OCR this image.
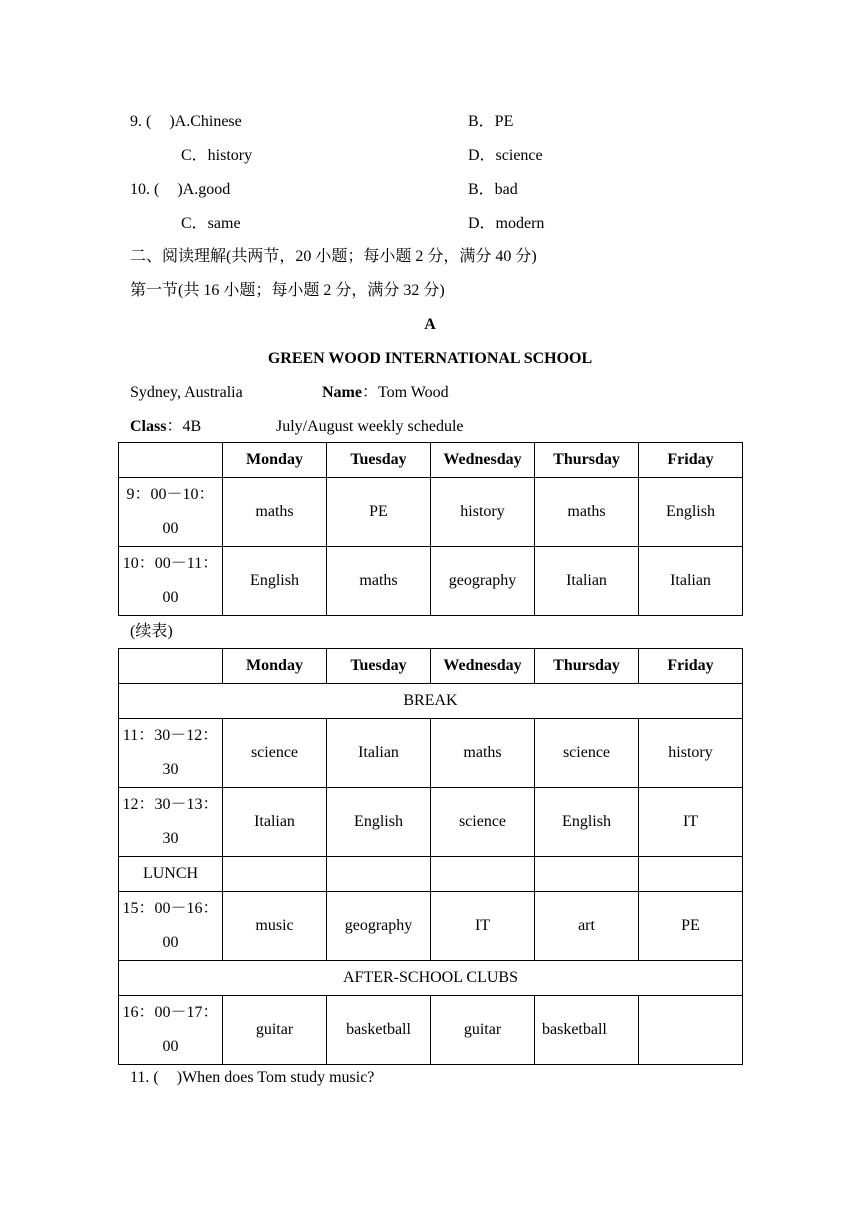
9. ( )A.Chinese	B．PE
C．history	D．science
10. ( )A.good	B．bad
C．same	D．modern
二、阅读理解(共两节，20 小题；每小题 2 分，满分 40 分)
第一节(共 16 小题；每小题 2 分，满分 32 分)
A
GREEN WOOD INTERNATIONAL SCHOOL
Sydney, Australia	Name：Tom Wood
Class：4B	July/August weekly schedule
	Monday	Tuesday	Wednesday	Thursday	Friday
9：00－10：
00	maths	PE	history	maths	English
10：00－11：
00	English	maths	geography	Italian	Italian
(续表)
	Monday	Tuesday	Wednesday	Thursday	Friday
BREAK					
11：30－12：
30	science	Italian	maths	science	history
12：30－13：
30	Italian	English	science	English	IT
LUNCH					
15：00－16：
00	music	geography	IT	art	PE
AFTER-SCHOOL CLUBS					
16：00－17：
00	guitar	basketball	guitar	basketball	
11. ( )When does Tom study music?
